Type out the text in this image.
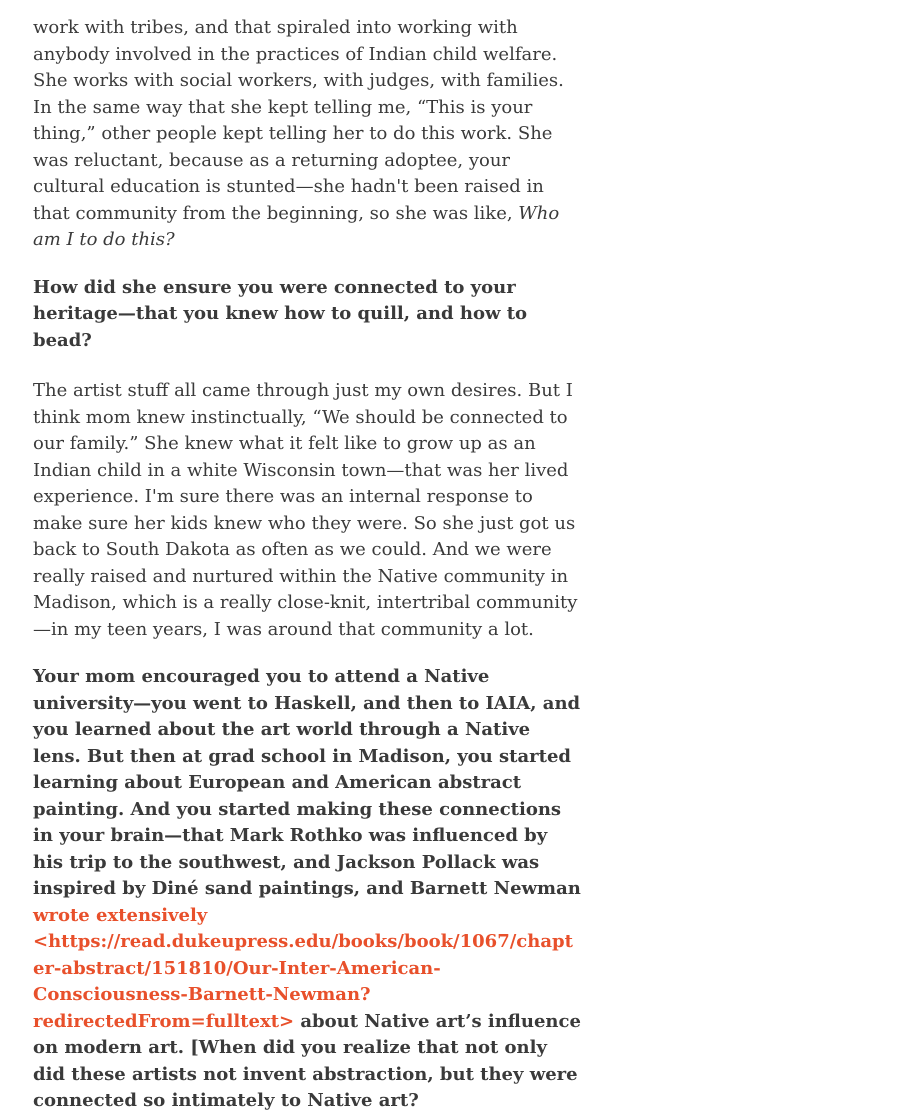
work with tribes, and that spiraled into working with anybody involved in the practices of Indian child welfare. She works with social workers, with judges, with families. In the same way that she kept telling me, “This is your thing,” other people kept telling her to do this work. She was reluctant, because as a returning adoptee, your cultural education is stunted—she hadn't been raised in that community from the beginning, so she was like, Who am I to do this?

How did she ensure you were connected to your heritage—that you knew how to quill, and how to bead?

The artist stuff all came through just my own desires. But I think mom knew instinctually, “We should be connected to our family.” She knew what it felt like to grow up as an Indian child in a white Wisconsin town—that was her lived experience. I'm sure there was an internal response to make sure her kids knew who they were. So she just got us back to South Dakota as often as we could. And we were really raised and nurtured within the Native community in Madison, which is a really close-knit, intertribal community—in my teen years, I was around that community a lot.

Your mom encouraged you to attend a Native university—you went to Haskell, and then to IAIA, and you learned about the art world through a Native lens. But then at grad school in Madison, you started learning about European and American abstract painting. And you started making these connections in your brain—that Mark Rothko was influenced by his trip to the southwest, and Jackson Pollack was inspired by Diné sand paintings, and Barnett Newman wrote extensively <https://read.dukeupress.edu/books/book/1067/chapter-abstract/151810/Our-Inter-American-Consciousness-Barnett-Newman?redirectedFrom=fulltext> about Native art’s influence on modern art. [When did you realize that not only did these artists not invent abstraction, but they were connected so intimately to Native art?
